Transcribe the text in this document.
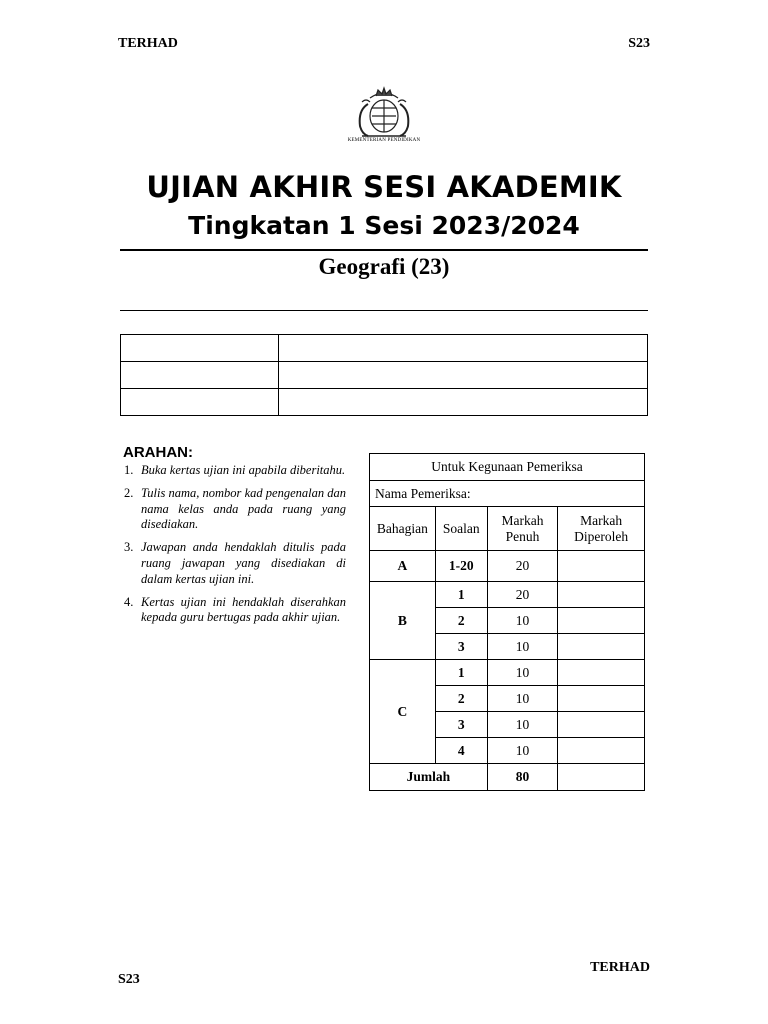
TERHAD	S23
KEMENTERIAN PENDIDIKAN
UJIAN AKHIR SESI AKADEMIK
Tingkatan 1 Sesi 2023/2024
Geografi (23)

ARAHAN:
1. Buka kertas ujian ini apabila diberitahu.
2. Tulis nama, nombor kad pengenalan dan nama kelas anda pada ruang yang disediakan.
3. Jawapan anda hendaklah ditulis pada ruang jawapan yang disediakan di dalam kertas ujian ini.
4. Kertas ujian ini hendaklah diserahkan kepada guru bertugas pada akhir ujian.
Untuk Kegunaan Pemeriksa			
Nama Pemeriksa:			
Bahagian	Soalan	Markah Penuh	Markah Diperoleh
A	1-20	20	
B	1	20	
	2	10	
	3	10	
C	1	10	
	2	10	
	3	10	
	4	10	
Jumlah		80	
S23
TERHAD
